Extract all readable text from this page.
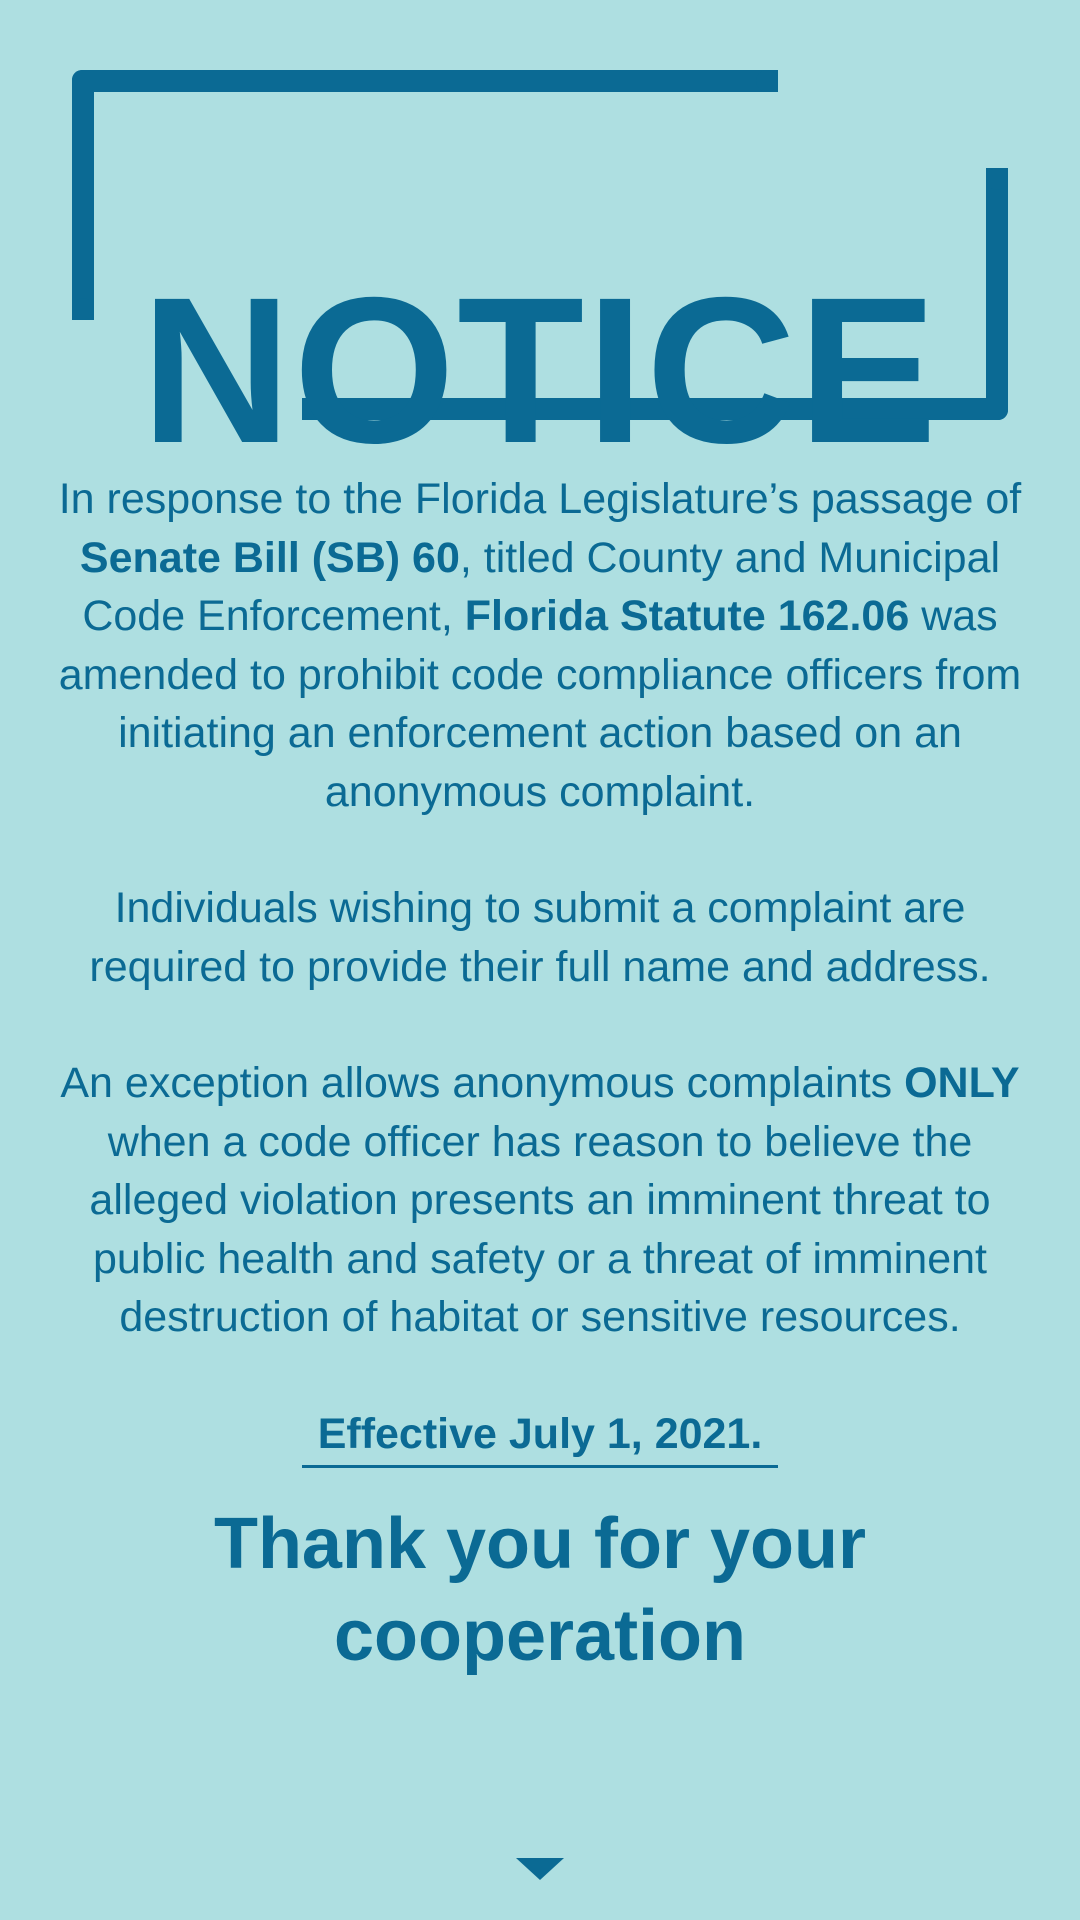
NOTICE

In response to the Florida Legislature’s passage of Senate Bill (SB) 60, titled County and Municipal Code Enforcement, Florida Statute 162.06 was amended to prohibit code compliance officers from initiating an enforcement action based on an anonymous complaint.

Individuals wishing to submit a complaint are required to provide their full name and address.

An exception allows anonymous complaints ONLY when a code officer has reason to believe the alleged violation presents an imminent threat to public health and safety or a threat of imminent destruction of habitat or sensitive resources.

Effective July 1, 2021.
Thank you for your
cooperation
